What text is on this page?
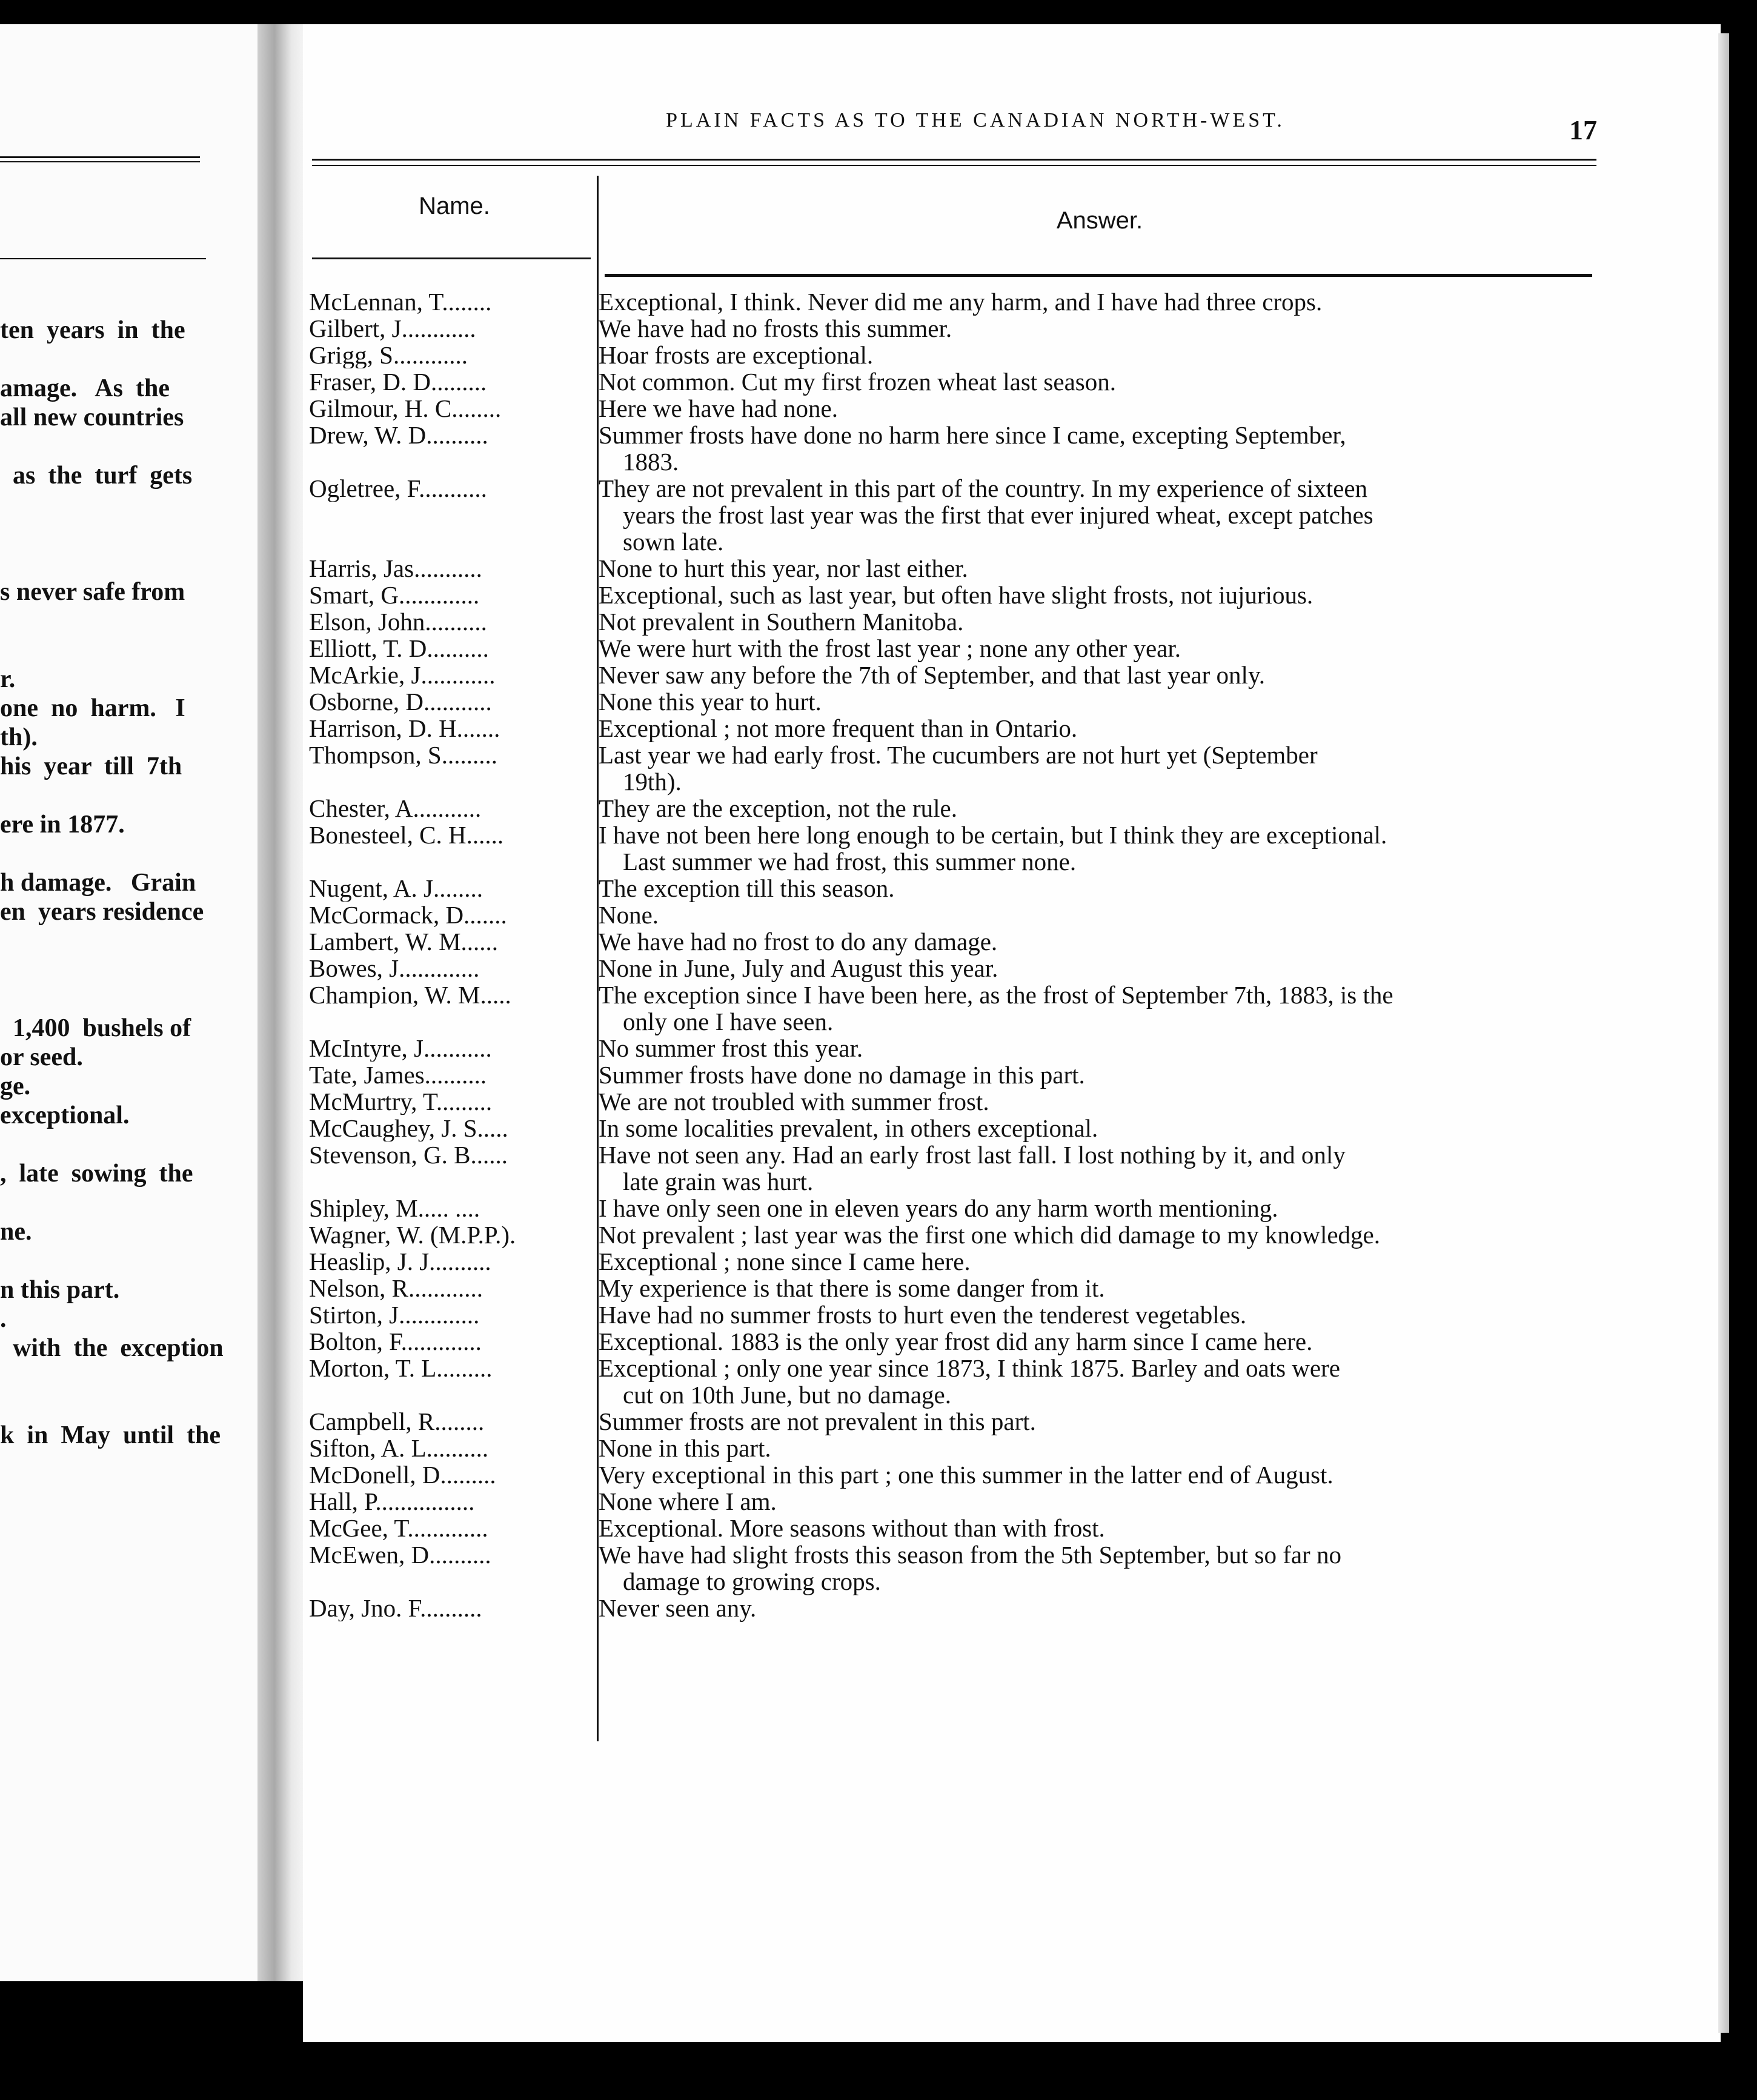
ten  years  in  the
amage.   As  the
all new countries
as  the  turf  gets
s never safe from
r.
one  no  harm.   I
th).
his  year  till  7th
ere in 1877.
h damage.   Grain
en  years residence
1,400  bushels of
or seed.
ge.
exceptional.
,  late  sowing  the
ne.
n this part.
.
with  the  exception
k  in  May  until  the
PLAIN FACTS AS TO THE CANADIAN NORTH-WEST.	17
Name.
Answer.
McLennan, T........	Exceptional, I think. Never did me any harm, and I have had three crops.
Gilbert, J............	We have had no frosts this summer.
Grigg, S............	Hoar frosts are exceptional.
Fraser, D. D.........	Not common. Cut my first frozen wheat last season.
Gilmour, H. C........	Here we have had none.
Drew, W. D..........	Summer frosts have done no harm here since I came, excepting September,
1883.
Ogletree, F...........	They are not prevalent in this part of the country. In my experience of sixteen
years the frost last year was the first that ever injured wheat, except patches
sown late.
Harris, Jas...........	None to hurt this year, nor last either.
Smart, G.............	Exceptional, such as last year, but often have slight frosts, not iujurious.
Elson, John..........	Not prevalent in Southern Manitoba.
Elliott, T. D..........	We were hurt with the frost last year ; none any other year.
McArkie, J............	Never saw any before the 7th of September, and that last year only.
Osborne, D...........	None this year to hurt.
Harrison, D. H.......	Exceptional ; not more frequent than in Ontario.
Thompson, S.........	Last year we had early frost. The cucumbers are not hurt yet (September
19th).
Chester, A...........	They are the exception, not the rule.
Bonesteel, C. H......	I have not been here long enough to be certain, but I think they are exceptional.
Last summer we had frost, this summer none.
Nugent, A. J........	The exception till this season.
McCormack, D.......	None.
Lambert, W. M......	We have had no frost to do any damage.
Bowes, J.............	None in June, July and August this year.
Champion, W. M.....	The exception since I have been here, as the frost of September 7th, 1883, is the
only one I have seen.
McIntyre, J...........	No summer frost this year.
Tate, James..........	Summer frosts have done no damage in this part.
McMurtry, T.........	We are not troubled with summer frost.
McCaughey, J. S.....	In some localities prevalent, in others exceptional.
Stevenson, G. B......	Have not seen any. Had an early frost last fall. I lost nothing by it, and only
late grain was hurt.
Shipley, M..... ....	I have only seen one in eleven years do any harm worth mentioning.
Wagner, W. (M.P.P.).	Not prevalent ; last year was the first one which did damage to my knowledge.
Heaslip, J. J..........	Exceptional ; none since I came here.
Nelson, R............	My experience is that there is some danger from it.
Stirton, J.............	Have had no summer frosts to hurt even the tenderest vegetables.
Bolton, F.............	Exceptional. 1883 is the only year frost did any harm since I came here.
Morton, T. L.........	Exceptional ; only one year since 1873, I think 1875. Barley and oats were
cut on 10th June, but no damage.
Campbell, R........	Summer frosts are not prevalent in this part.
Sifton, A. L..........	None in this part.
McDonell, D.........	Very exceptional in this part ; one this summer in the latter end of August.
Hall, P................	None where I am.
McGee, T.............	Exceptional. More seasons without than with frost.
McEwen, D..........	We have had slight frosts this season from the 5th September, but so far no
damage to growing crops.
Day, Jno. F..........	Never seen any.
